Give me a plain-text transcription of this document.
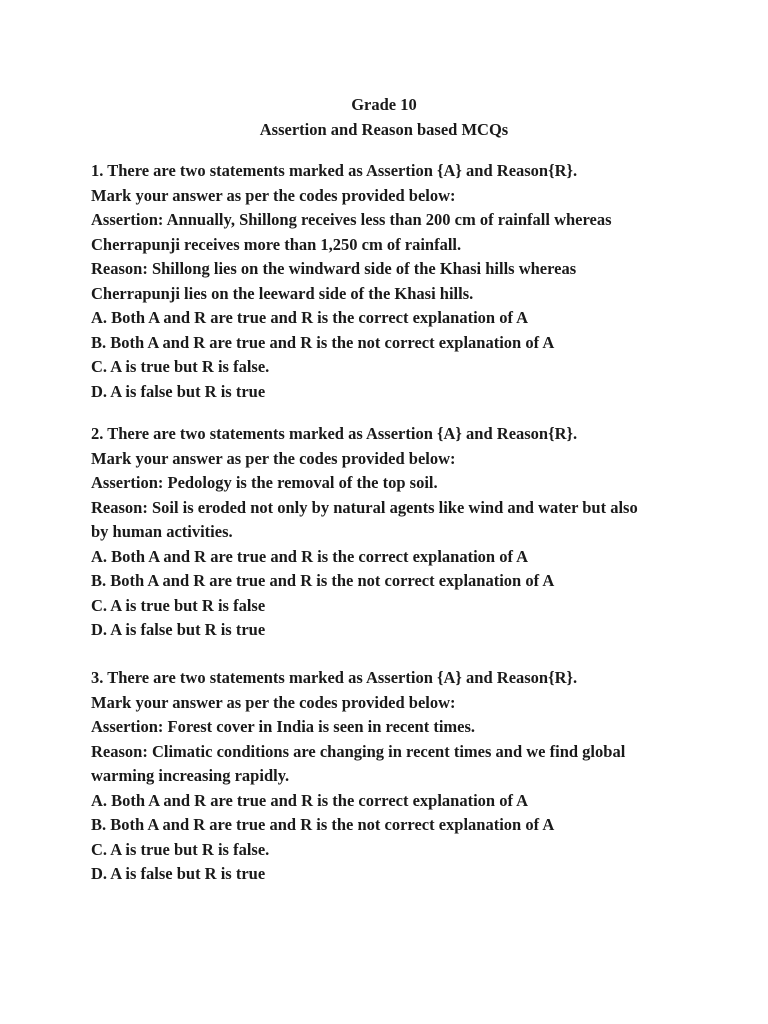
Grade 10
Assertion and Reason based MCQs
1. There are two statements marked as Assertion {A} and Reason{R}.
Mark your answer as per the codes provided below:
Assertion: Annually, Shillong receives less than 200 cm of rainfall whereas
Cherrapunji receives more than 1,250 cm of rainfall.
Reason: Shillong lies on the windward side of the Khasi hills whereas
Cherrapunji lies on the leeward side of the Khasi hills.
A. Both A and R are true and R is the correct explanation of A
B. Both A and R are true and R is the not correct explanation of A
C. A is true but R is false.
D. A is false but R is true
2. There are two statements marked as Assertion {A} and Reason{R}.
Mark your answer as per the codes provided below:
Assertion: Pedology is the removal of the top soil.
Reason: Soil is eroded not only by natural agents like wind and water but also
by human activities.
A. Both A and R are true and R is the correct explanation of A
B. Both A and R are true and R is the not correct explanation of A
C. A is true but R is false
D. A is false but R is true
3. There are two statements marked as Assertion {A} and Reason{R}.
Mark your answer as per the codes provided below:
Assertion: Forest cover in India is seen in recent times.
Reason: Climatic conditions are changing in recent times and we find global
warming increasing rapidly.
A. Both A and R are true and R is the correct explanation of A
B. Both A and R are true and R is the not correct explanation of A
C. A is true but R is false.
D. A is false but R is true
